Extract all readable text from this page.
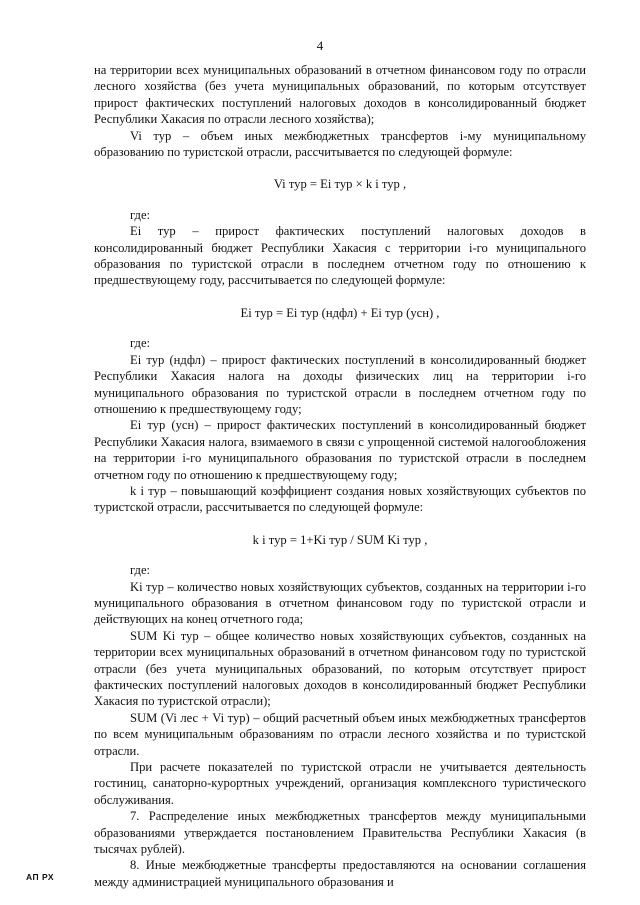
4

на территории всех муниципальных образований в отчетном финансовом году по отрасли лесного хозяйства (без учета муниципальных образований, по которым отсутствует прирост фактических поступлений налоговых доходов в консолидированный бюджет Республики Хакасия по отрасли лесного хозяйства);

Vi тур – объем иных межбюджетных трансфертов i-му муниципальному образованию по туристской отрасли, рассчитывается по следующей формуле:

Vi тур = Ei тур × k i тур ,

где:

Ei тур – прирост фактических поступлений налоговых доходов в консолидированный бюджет Республики Хакасия с территории i-го муниципального образования по туристской отрасли в последнем отчетном году по отношению к предшествующему году, рассчитывается по следующей формуле:

Ei тур = Ei тур (ндфл) + Ei тур (усн) ,

где:

Ei тур (ндфл) – прирост фактических поступлений в консолидированный бюджет Республики Хакасия налога на доходы физических лиц на территории i-го муниципального образования по туристской отрасли в последнем отчетном году по отношению к предшествующему году;

Ei тур (усн) – прирост фактических поступлений в консолидированный бюджет Республики Хакасия налога, взимаемого в связи с упрощенной системой налогообложения на территории i-го муниципального образования по туристской отрасли в последнем отчетном году по отношению к предшествующему году;

k i тур – повышающий коэффициент создания новых хозяйствующих субъектов по туристской отрасли, рассчитывается по следующей формуле:

k i тур = 1+Ki тур / SUM Ki тур ,

где:

Ki тур – количество новых хозяйствующих субъектов, созданных на территории i-го муниципального образования в отчетном финансовом году по туристской отрасли и действующих на конец отчетного года;

SUM Ki тур – общее количество новых хозяйствующих субъектов, созданных на территории всех муниципальных образований в отчетном финансовом году по туристской отрасли (без учета муниципальных образований, по которым отсутствует прирост фактических поступлений налоговых доходов в консолидированный бюджет Республики Хакасия по туристской отрасли);

SUM (Vi лес + Vi тур) – общий расчетный объем иных межбюджетных трансфертов по всем муниципальным образованиям по отрасли лесного хозяйства и по туристской отрасли.

При расчете показателей по туристской отрасли не учитывается деятельность гостиниц, санаторно-курортных учреждений, организация комплексного туристического обслуживания.

7. Распределение иных межбюджетных трансфертов между муниципальными образованиями утверждается постановлением Правительства Республики Хакасия (в тысячах рублей).

8. Иные межбюджетные трансферты предоставляются на основании соглашения между администрацией муниципального образования и

АП РХ
